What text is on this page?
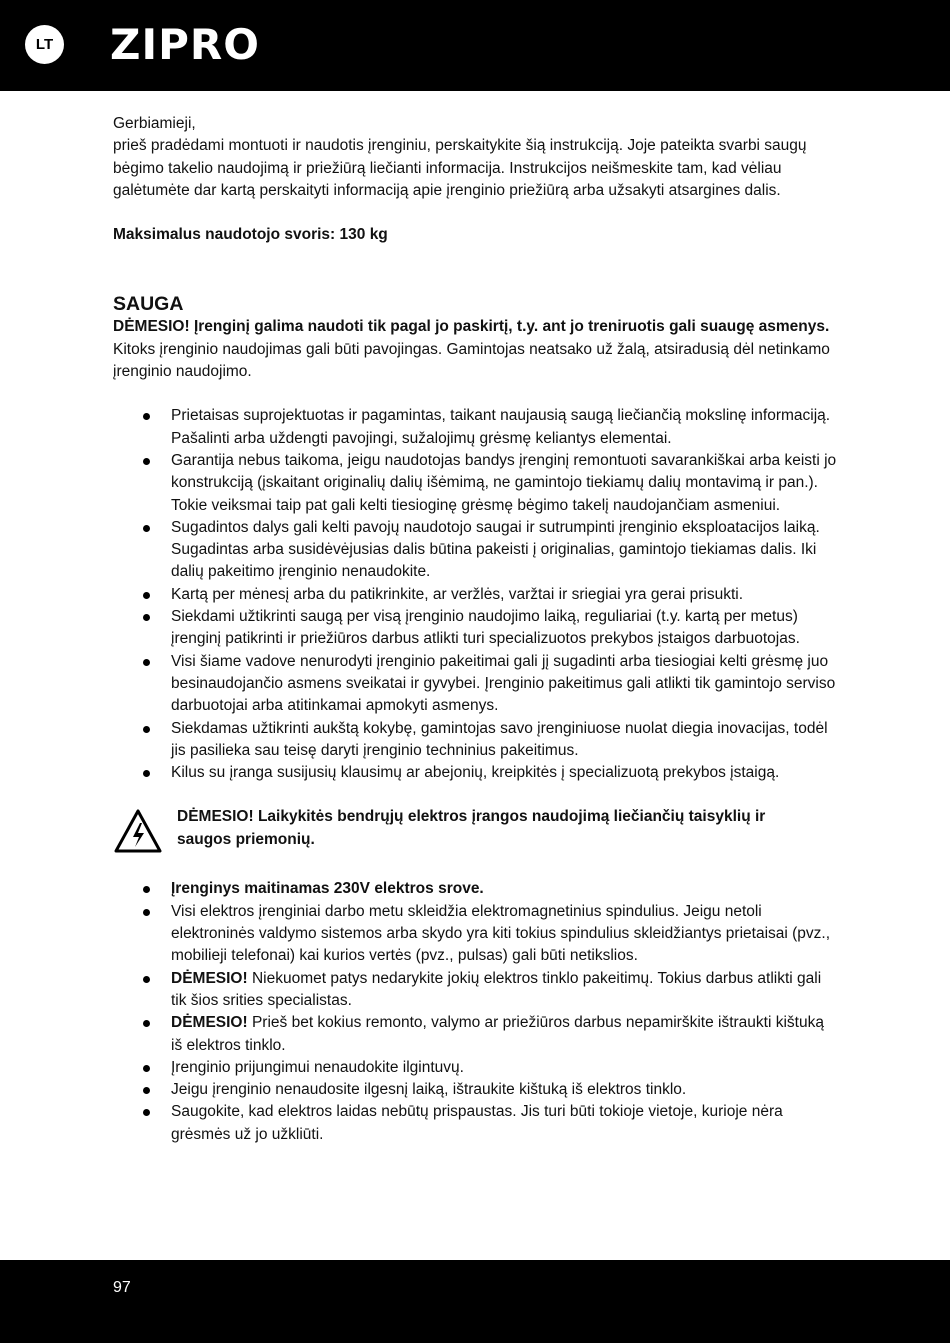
LT ZIPRO

Gerbiamieji,

prieš pradėdami montuoti ir naudotis įrenginiu, perskaitykite šią instrukciją. Joje pateikta svarbi saugų bėgimo takelio naudojimą ir priežiūrą liečianti informacija. Instrukcijos neišmeskite tam, kad vėliau galėtumėte dar kartą perskaityti informaciją apie įrenginio priežiūrą arba užsakyti atsargines dalis.

Maksimalus naudotojo svoris: 130 kg

SAUGA

DĖMESIO! Įrenginį galima naudoti tik pagal jo paskirtį, t.y. ant jo treniruotis gali suaugę asmenys. Kitoks įrenginio naudojimas gali būti pavojingas. Gamintojas neatsako už žalą, atsiradusią dėl netinkamo įrenginio naudojimo.

Prietaisas suprojektuotas ir pagamintas, taikant naujausią saugą liečiančią mokslinę informaciją. Pašalinti arba uždengti pavojingi, sužalojimų grėsmę keliantys elementai.
Garantija nebus taikoma, jeigu naudotojas bandys įrenginį remontuoti savarankiškai arba keisti jo konstrukciją (įskaitant originalių dalių išėmimą, ne gamintojo tiekiamų dalių montavimą ir pan.). Tokie veiksmai taip pat gali kelti tiesioginę grėsmę bėgimo takelį naudojančiam asmeniui.
Sugadintos dalys gali kelti pavojų naudotojo saugai ir sutrumpinti įrenginio eksploatacijos laiką. Sugadintas arba susidėvėjusias dalis būtina pakeisti į originalias, gamintojo tiekiamas dalis. Iki dalių pakeitimo įrenginio nenaudokite.
Kartą per mėnesį arba du patikrinkite, ar veržlės, varžtai ir sriegiai yra gerai prisukti.
Siekdami užtikrinti saugą per visą įrenginio naudojimo laiką, reguliariai (t.y. kartą per metus) įrenginį patikrinti ir priežiūros darbus atlikti turi specializuotos prekybos įstaigos darbuotojas.
Visi šiame vadove nenurodyti įrenginio pakeitimai gali jį sugadinti arba tiesiogiai kelti grėsmę juo besinaudojančio asmens sveikatai ir gyvybei. Įrenginio pakeitimus gali atlikti tik gamintojo serviso darbuotojai arba atitinkamai apmokyti asmenys.
Siekdamas užtikrinti aukštą kokybę, gamintojas savo įrenginiuose nuolat diegia inovacijas, todėl jis pasilieka sau teisę daryti įrenginio techninius pakeitimus.
Kilus su įranga susijusių klausimų ar abejonių, kreipkitės į specializuotą prekybos įstaigą.

DĖMESIO! Laikykitės bendrųjų elektros įrangos naudojimą liečiančių taisyklių ir saugos priemonių.

Įrenginys maitinamas 230V elektros srove.
Visi elektros įrenginiai darbo metu skleidžia elektromagnetinius spindulius. Jeigu netoli elektroninės valdymo sistemos arba skydo yra kiti tokius spindulius skleidžiantys prietaisai (pvz., mobilieji telefonai) kai kurios vertės (pvz., pulsas) gali būti netikslios.
DĖMESIO! Niekuomet patys nedarykite jokių elektros tinklo pakeitimų. Tokius darbus atlikti gali tik šios srities specialistas.
DĖMESIO! Prieš bet kokius remonto, valymo ar priežiūros darbus nepamirškite ištraukti kištuką iš elektros tinklo.
Įrenginio prijungimui nenaudokite ilgintuvų.
Jeigu įrenginio nenaudosite ilgesnį laiką, ištraukite kištuką iš elektros tinklo.
Saugokite, kad elektros laidas nebūtų prispaustas. Jis turi būti tokioje vietoje, kurioje nėra grėsmės už jo užkliūti.
97
